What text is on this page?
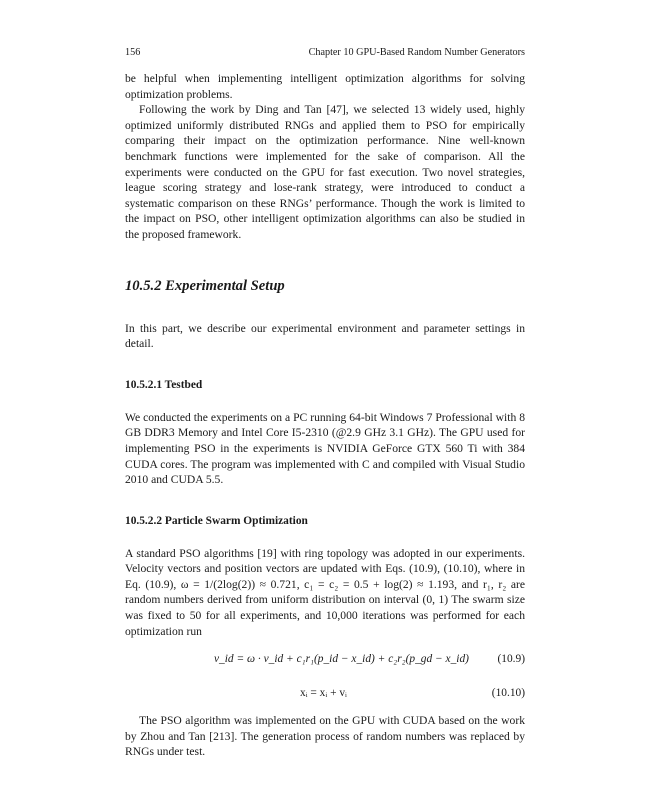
156	Chapter 10 GPU-Based Random Number Generators

be helpful when implementing intelligent optimization algorithms for solving optimization problems.

Following the work by Ding and Tan [47], we selected 13 widely used, highly optimized uniformly distributed RNGs and applied them to PSO for empirically comparing their impact on the optimization performance. Nine well-known benchmark functions were implemented for the sake of comparison. All the experiments were conducted on the GPU for fast execution. Two novel strategies, league scoring strategy and lose-rank strategy, were introduced to conduct a systematic comparison on these RNGs’ performance. Though the work is limited to the impact on PSO, other intelligent optimization algorithms can also be studied in the proposed framework.

10.5.2 Experimental Setup

In this part, we describe our experimental environment and parameter settings in detail.

10.5.2.1 Testbed

We conducted the experiments on a PC running 64-bit Windows 7 Professional with 8 GB DDR3 Memory and Intel Core I5-2310 (@2.9 GHz 3.1 GHz). The GPU used for implementing PSO in the experiments is NVIDIA GeForce GTX 560 Ti with 384 CUDA cores. The program was implemented with C and compiled with Visual Studio 2010 and CUDA 5.5.

10.5.2.2 Particle Swarm Optimization

A standard PSO algorithms [19] with ring topology was adopted in our experiments. Velocity vectors and position vectors are updated with Eqs. (10.9), (10.10), where in Eq. (10.9), ω = 1/(2log(2)) ≈ 0.721, c₁ = c₂ = 0.5 + log(2) ≈ 1.193, and r₁, r₂ are random numbers derived from uniform distribution on interval (0, 1) The swarm size was fixed to 50 for all experiments, and 10,000 iterations was performed for each optimization run

v_id = ω · v_id + c₁r₁(p_id − x_id) + c₂r₂(p_gd − x_id)	(10.9)
xᵢ = xᵢ + vᵢ	(10.10)

The PSO algorithm was implemented on the GPU with CUDA based on the work by Zhou and Tan [213]. The generation process of random numbers was replaced by RNGs under test.
